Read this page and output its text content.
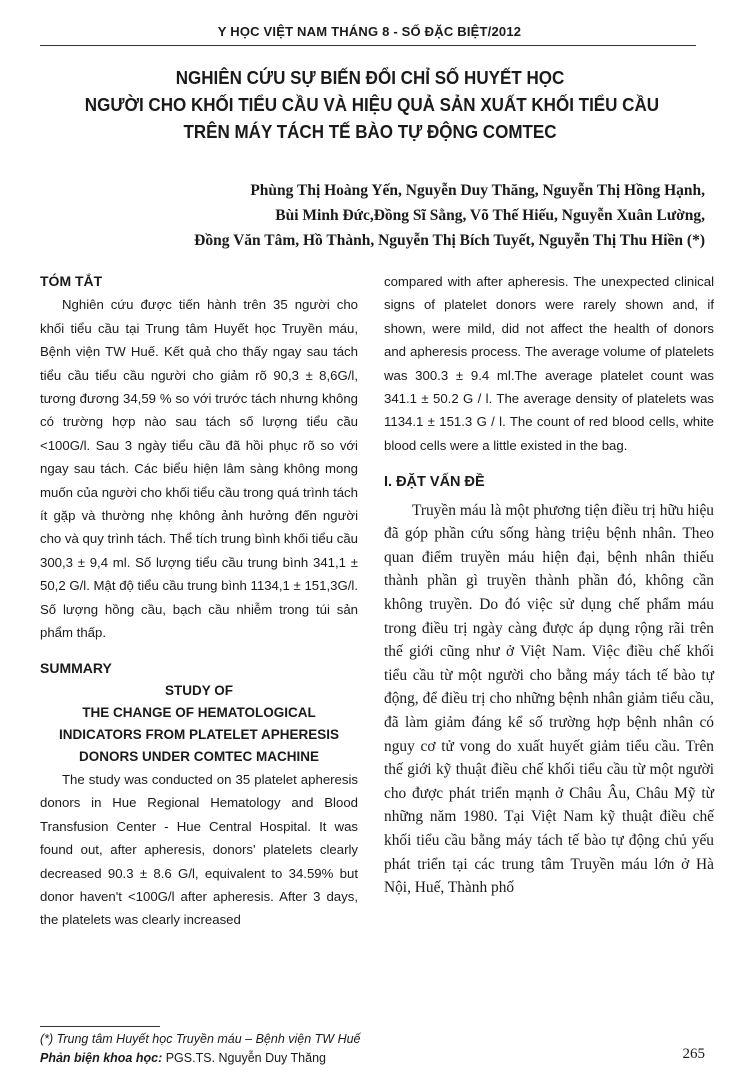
Y HỌC VIỆT NAM THÁNG 8 - SỐ ĐẶC BIỆT/2012
NGHIÊN CỨU SỰ BIẾN ĐỔI CHỈ SỐ HUYẾT HỌC
NGƯỜI CHO KHỐI TIỂU CẦU VÀ HIỆU QUẢ SẢN XUẤT KHỐI TIỂU CẦU
TRÊN MÁY TÁCH TẾ BÀO TỰ ĐỘNG COMTEC
Phùng Thị Hoàng Yến, Nguyễn Duy Thăng, Nguyễn Thị Hồng Hạnh,
Bùi Minh Đức,Đồng Sĩ Sằng, Võ Thế Hiếu, Nguyễn Xuân Lường,
Đồng Văn Tâm, Hồ Thành, Nguyễn Thị Bích Tuyết, Nguyễn Thị Thu Hiền (*)
TÓM TẮT

Nghiên cứu được tiến hành trên 35 người cho khối tiểu cầu tại Trung tâm Huyết học Truyền máu, Bệnh viện TW Huế. Kết quả cho thấy ngay sau tách tiểu cầu tiểu cầu người cho giảm rõ 90,3 ± 8,6G/l, tương đương 34,59 % so với trước tách nhưng không có trường hợp nào sau tách số lượng tiểu cầu <100G/l. Sau 3 ngày tiểu cầu đã hồi phục rõ so với ngay sau tách. Các biểu hiện lâm sàng không mong muốn của người cho khối tiểu cầu trong quá trình tách ít gặp và thường nhẹ không ảnh hưởng đến người cho và quy trình tách. Thể tích trung bình khối tiểu cầu 300,3 ± 9,4 ml. Số lượng tiểu cầu trung bình 341,1 ± 50,2 G/l. Mật độ tiểu cầu trung bình 1134,1 ± 151,3G/l. Số lượng hồng cầu, bạch cầu nhiễm trong túi sản phẩm thấp.

SUMMARY
STUDY OF
THE CHANGE OF HEMATOLOGICAL
INDICATORS FROM PLATELET APHERESIS
DONORS UNDER COMTEC MACHINE

The study was conducted on 35 platelet apheresis donors in Hue Regional Hematology and Blood Transfusion Center - Hue Central Hospital. It was found out, after apheresis, donors' platelets clearly decreased 90.3 ± 8.6 G/l, equivalent to 34.59% but donor haven't <100G/l after apheresis. After 3 days, the platelets was clearly increased

compared with after apheresis. The unexpected clinical signs of platelet donors were rarely shown and, if shown, were mild, did not affect the health of donors and apheresis process. The average volume of platelets was 300.3 ± 9.4 ml.The average platelet count was 341.1 ± 50.2 G / l. The average density of platelets was 1134.1 ± 151.3 G / l. The count of red blood cells, white blood cells were a little existed in the bag.

I. ĐẶT VẤN ĐỀ

Truyền máu là một phương tiện điều trị hữu hiệu đã góp phần cứu sống hàng triệu bệnh nhân. Theo quan điểm truyền máu hiện đại, bệnh nhân thiếu thành phần gì truyền thành phần đó, không cần không truyền. Do đó việc sử dụng chế phẩm máu trong điều trị ngày càng được áp dụng rộng rãi trên thế giới cũng như ở Việt Nam. Việc điều chế khối tiểu cầu từ một người cho bằng máy tách tế bào tự động, để điều trị cho những bệnh nhân giảm tiểu cầu, đã làm giảm đáng kể số trường hợp bệnh nhân có nguy cơ tử vong do xuất huyết giảm tiểu cầu. Trên thế giới kỹ thuật điều chế khối tiểu cầu từ một người cho được phát triển mạnh ở Châu Âu, Châu Mỹ từ những năm 1980. Tại Việt Nam kỹ thuật điều chế khối tiểu cầu bằng máy tách tế bào tự động chủ yếu phát triển tại các trung tâm Truyền máu lớn ở Hà Nội, Huế, Thành phố

(*) Trung tâm Huyết học Truyền máu – Bệnh viện TW Huế
Phản biện khoa học: PGS.TS. Nguyễn Duy Thăng	265
